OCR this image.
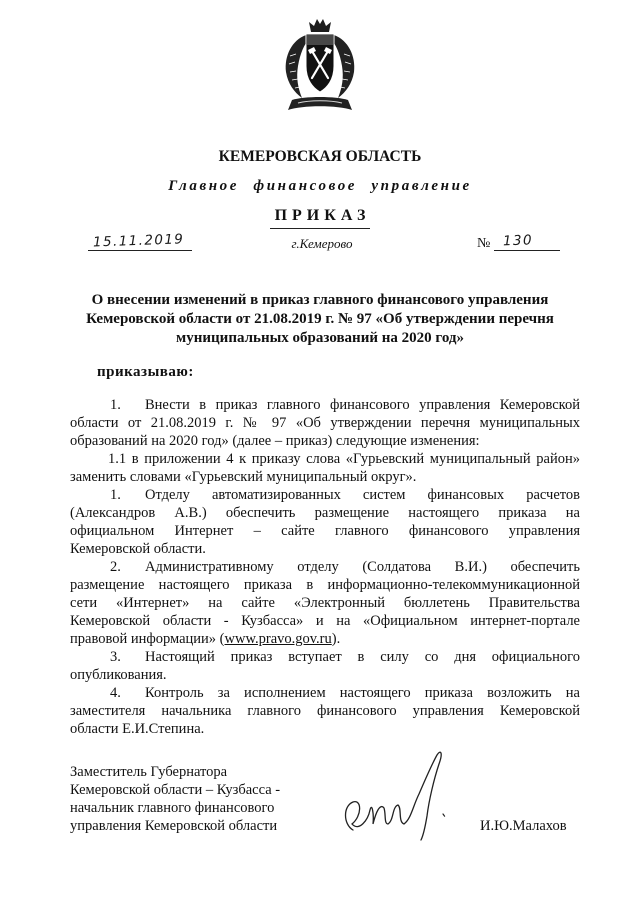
КЕМЕРОВСКАЯ ОБЛАСТЬ
Главное финансовое управление
ПРИКАЗ
15.11.2019	г.Кемерово	№ 130
О внесении изменений в приказ главного финансового управления
Кемеровской области от 21.08.2019 г. № 97 «Об утверждении перечня
муниципальных образований на 2020 год»
приказываю:
1. Внести в приказ главного финансового управления Кемеровской
области от 21.08.2019 г. № 97 «Об утверждении перечня муниципальных
образований на 2020 год» (далее – приказ) следующие изменения:
1.1 в приложении 4 к приказу слова «Гурьевский муниципальный район»
заменить словами «Гурьевский муниципальный округ».
1. Отделу автоматизированных систем финансовых расчетов
(Александров А.В.) обеспечить размещение настоящего приказа на
официальном Интернет – сайте главного финансового управления
Кемеровской области.
2. Административному отделу (Солдатова В.И.) обеспечить
размещение настоящего приказа в информационно-телекоммуникационной
сети «Интернет» на сайте «Электронный бюллетень Правительства
Кемеровской области - Кузбасса» и на «Официальном интернет-портале
правовой информации» (www.pravo.gov.ru).
3. Настоящий приказ вступает в силу со дня официального
опубликования.
4. Контроль за исполнением настоящего приказа возложить на
заместителя начальника главного финансового управления Кемеровской
области Е.И.Степина.
Заместитель Губернатора
Кемеровской области – Кузбасса -
начальник главного финансового
управления Кемеровской области	И.Ю.Малахов
